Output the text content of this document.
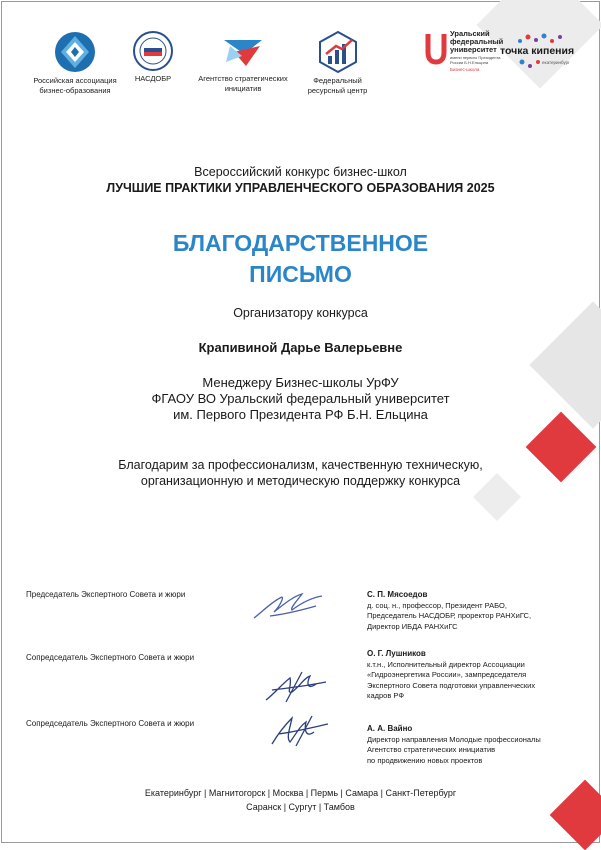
Российская ассоциация
бизнес-образования
НАСДОБР	Агентство стратегических
инициатив
Федеральный
ресурсный центр
Уральский
федеральный
университет
имени первого Президента
России Б.Н.Ельцина
Бизнес-школа
точка кипения
екатеринбург
Всероссийский конкурс бизнес-школ
ЛУЧШИЕ ПРАКТИКИ УПРАВЛЕНЧЕСКОГО ОБРАЗОВАНИЯ 2025
БЛАГОДАРСТВЕННОЕ
ПИСЬМО
Организатору конкурса
Крапивиной Дарье Валерьевне
Менеджеру Бизнес-школы УрФУ
ФГАОУ ВО Уральский федеральный университет
им. Первого Президента РФ Б.Н. Ельцина
Благодарим за профессионализм, качественную техническую,
организационную и методическую поддержку конкурса
Председатель Экспертного Совета и жюри	С. П. Мясоедов
д. соц. н., профессор, Президент РАБО,
Председатель НАСДОБР, проректор РАНХиГС,
Директор ИБДА РАНХиГС
Сопредседатель Экспертного Совета и жюри	О. Г. Лушников
к.т.н., Исполнительный директор Ассоциации
«Гидроэнергетика России», зампредседателя
Экспертного Совета подготовки управленческих
кадров РФ
Сопредседатель Экспертного Совета и жюри
А. А. Вайно
Директор направления Молодые профессионалы
Агентство стратегических инициатив
по продвижению новых проектов
Екатеринбург | Магнитогорск | Москва | Пермь | Самара | Санкт-Петербург
Саранск | Сургут | Тамбов
